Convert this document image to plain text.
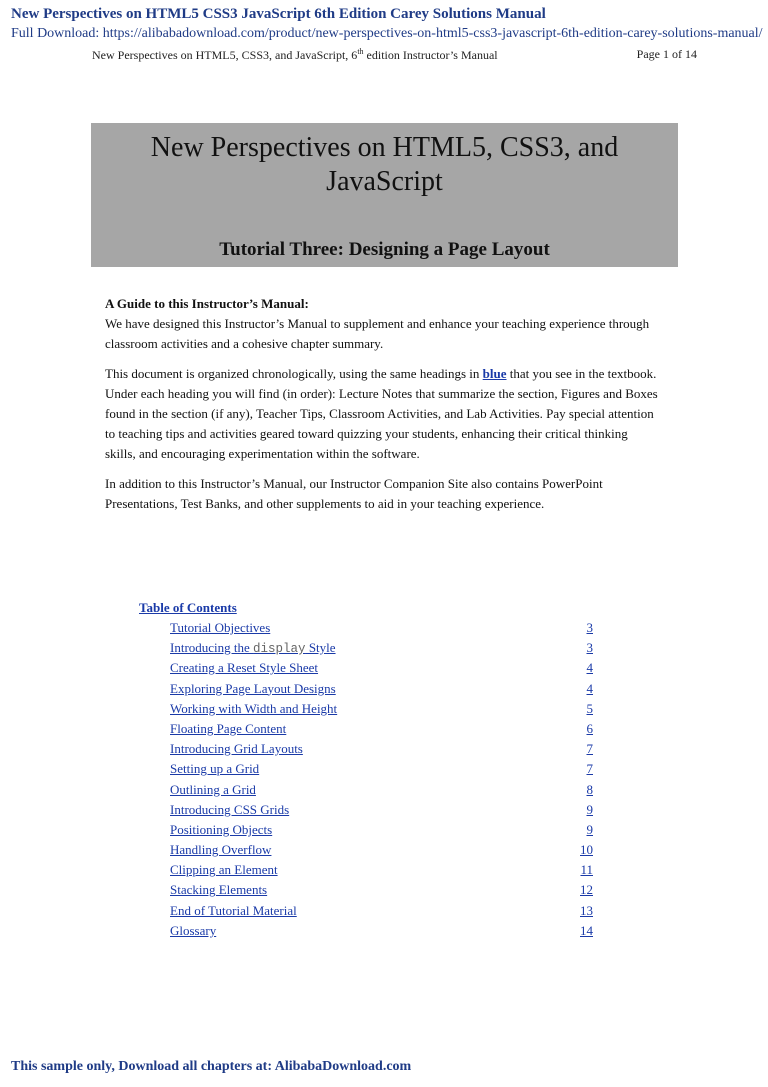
New Perspectives on HTML5 CSS3 JavaScript 6th Edition Carey Solutions Manual
Full Download: https://alibabadownload.com/product/new-perspectives-on-html5-css3-javascript-6th-edition-carey-solutions-manual/
New Perspectives on HTML5, CSS3, and JavaScript, 6th edition Instructor’s Manual	Page 1 of 14
New Perspectives on HTML5, CSS3, and
JavaScript
Tutorial Three: Designing a Page Layout
A Guide to this Instructor’s Manual:

We have designed this Instructor’s Manual to supplement and enhance your teaching experience through classroom activities and a cohesive chapter summary.

This document is organized chronologically, using the same headings in blue that you see in the textbook. Under each heading you will find (in order): Lecture Notes that summarize the section, Figures and Boxes found in the section (if any), Teacher Tips, Classroom Activities, and Lab Activities. Pay special attention to teaching tips and activities geared toward quizzing your students, enhancing their critical thinking skills, and encouraging experimentation within the software.

In addition to this Instructor’s Manual, our Instructor Companion Site also contains PowerPoint Presentations, Test Banks, and other supplements to aid in your teaching experience.

Table of Contents
Tutorial Objectives	3
Introducing the display Style	3
Creating a Reset Style Sheet	4
Exploring Page Layout Designs	4
Working with Width and Height	5
Floating Page Content	6
Introducing Grid Layouts	7
Setting up a Grid	7
Outlining a Grid	8
Introducing CSS Grids	9
Positioning Objects	9
Handling Overflow	10
Clipping an Element	11
Stacking Elements	12
End of Tutorial Material	13
Glossary	14
This sample only, Download all chapters at: AlibabaDownload.com
